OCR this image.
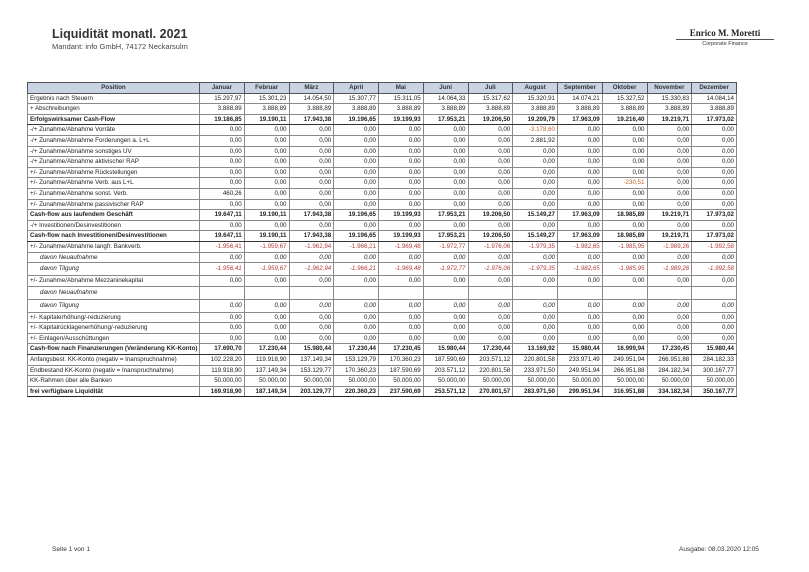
Liquidität monatl. 2021
Mandant: info GmbH, 74172 Neckarsulm
Enrico M. Moretti
Corporate Finance
Position	Januar	Februar	März	April	Mai	Juni	Juli	August	September	Oktober	November	Dezember
Ergebnis nach Steuern	15.297,97	15.301,23	14.054,50	15.307,77	15.311,05	14.064,33	15.317,62	15.320,91	14.074,21	15.327,52	15.330,83	14.084,14
+ Abschreibungen	3.888,89	3.888,89	3.888,89	3.888,89	3.888,89	3.888,89	3.888,89	3.888,89	3.888,89	3.888,89	3.888,89	3.888,89
Erfolgswirksamer Cash-Flow	19.186,85	19.190,11	17.943,38	19.196,65	19.199,93	17.953,21	19.206,50	19.209,79	17.963,09	19.216,40	19.219,71	17.973,02
-/+ Zunahme/Abnahme Vorräte	0,00	0,00	0,00	0,00	0,00	0,00	0,00	-3.178,60	0,00	0,00	0,00	0,00
-/+ Zunahme/Abnahme Forderungen a. L+L	0,00	0,00	0,00	0,00	0,00	0,00	0,00	2.881,92	0,00	0,00	0,00	0,00
-/+ Zunahme/Abnahme sonstiges UV	0,00	0,00	0,00	0,00	0,00	0,00	0,00	0,00	0,00	0,00	0,00	0,00
-/+ Zunahme/Abnahme aktivischer RAP	0,00	0,00	0,00	0,00	0,00	0,00	0,00	0,00	0,00	0,00	0,00	0,00
+/- Zunahme/Abnahme Rückstellungen	0,00	0,00	0,00	0,00	0,00	0,00	0,00	0,00	0,00	0,00	0,00	0,00
+/- Zunahme/Abnahme Verb. aus L+L	0,00	0,00	0,00	0,00	0,00	0,00	0,00	0,00	0,00	-230,51	0,00	0,00
+/- Zunahme/Abnahme sonst. Verb.	460,26	0,00	0,00	0,00	0,00	0,00	0,00	0,00	0,00	0,00	0,00	0,00
+/- Zunahme/Abnahme passivischer RAP	0,00	0,00	0,00	0,00	0,00	0,00	0,00	0,00	0,00	0,00	0,00	0,00
Cash-flow aus laufendem Geschäft	19.647,11	19.190,11	17.943,38	19.196,65	19.199,93	17.953,21	19.206,50	15.149,27	17.963,09	18.985,89	19.219,71	17.973,02
-/+ Investitionen/Desinvestitionen	0,00	0,00	0,00	0,00	0,00	0,00	0,00	0,00	0,00	0,00	0,00	0,00
Cash-flow nach Investitionen/Desinvestitionen	19.647,11	19.190,11	17.943,38	19.196,65	19.199,93	17.953,21	19.206,50	15.149,27	17.963,09	18.985,89	19.219,71	17.973,02
+/- Zunahme/Abnahme langfr. Bankverb.	-1.956,41	-1.959,67	-1.962,94	-1.966,21	-1.969,48	-1.972,77	-1.976,06	-1.979,35	-1.982,65	-1.985,95	-1.989,26	-1.992,58
davon Neuaufnahme	0,00	0,00	0,00	0,00	0,00	0,00	0,00	0,00	0,00	0,00	0,00	0,00
davon Tilgung	-1.956,41	-1.959,67	-1.962,94	-1.966,21	-1.969,48	-1.972,77	-1.976,06	-1.979,35	-1.982,65	-1.985,95	-1.989,26	-1.992,58
+/- Zunahme/Abnahme Mezzaninekapital	0,00	0,00	0,00	0,00	0,00	0,00	0,00	0,00	0,00	0,00	0,00	0,00
davon Neuaufnahme												
davon Tilgung	0,00	0,00	0,00	0,00	0,00	0,00	0,00	0,00	0,00	0,00	0,00	0,00
+/- Kapitalerhöhung/-reduzierung	0,00	0,00	0,00	0,00	0,00	0,00	0,00	0,00	0,00	0,00	0,00	0,00
+/- Kapitalrücklagenerhöhung/-reduzierung	0,00	0,00	0,00	0,00	0,00	0,00	0,00	0,00	0,00	0,00	0,00	0,00
+/- Einlagen/Ausschüttungen	0,00	0,00	0,00	0,00	0,00	0,00	0,00	0,00	0,00	0,00	0,00	0,00
Cash-flow nach Finanzierungen (Veränderung KK-Konto)	17.690,70	17.230,44	15.980,44	17.230,44	17.230,45	15.980,44	17.230,44	13.169,92	15.980,44	16.999,94	17.230,45	15.980,44
Anfangsbest. KK-Konto (negativ = Inanspruchnahme)	102.228,20	119.918,90	137.149,34	153.129,79	170.360,23	187.590,69	203.571,12	220.801,58	233.971,49	249.951,94	266.951,88	284.182,33
Endbestand KK-Konto (negativ = Inanspruchnahme)	119.918,90	137.149,34	153.129,77	170.360,23	187.590,69	203.571,12	220.801,58	233.971,50	249.951,94	266.951,88	284.182,34	300.167,77
KK-Rahmen über alle Banken	50.000,00	50.000,00	50.000,00	50.000,00	50.000,00	50.000,00	50.000,00	50.000,00	50.000,00	50.000,00	50.000,00	50.000,00
frei verfügbare Liquidität	169.918,90	187.149,34	203.129,77	220.360,23	237.590,69	253.571,12	270.801,57	283.971,50	299.951,94	316.951,88	334.182,34	350.167,77
Seite 1 von 1	Ausgabe: 08.03.2020 12:05
